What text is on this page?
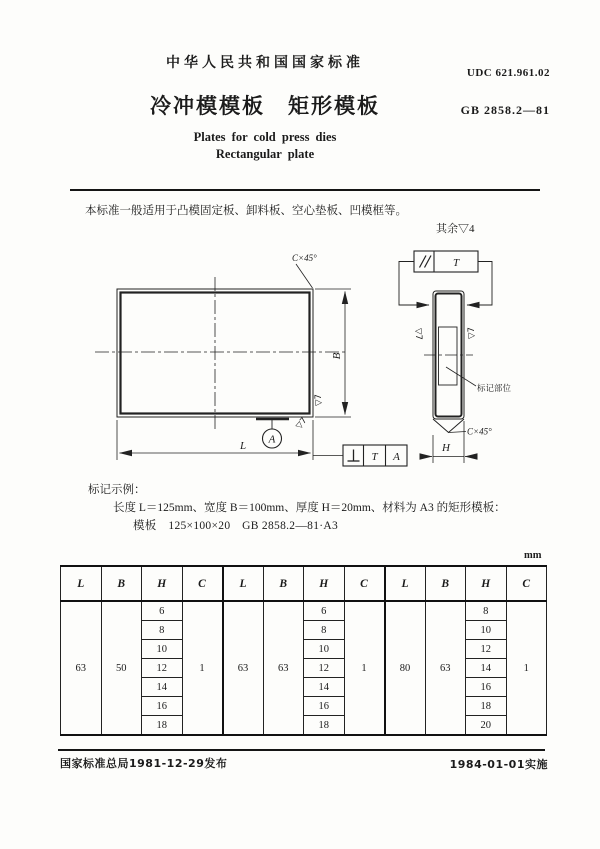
中华人民共和国国家标准
UDC 621.961.02
冷冲模模板　矩形模板	GB 2858.2—81
Plates for cold press dies
Rectangular plate
本标准一般适用于凸模固定板、卸料板、空心垫板、凹模框等。
其余▽4
C×45°
B
L
A
▽7
▽7
T A
标记部位
▽7	▽7
T
C×45°
H
标记示例：
长度 L＝125mm、宽度 B＝100mm、厚度 H＝20mm、材料为 A3 的矩形模板：
模板　125×100×20　GB 2858.2—81·A3
mm
L	B	H	C	L	B	H	C	L	B	H	C
63	50	6	1	63	63	6	1	80	63	8	1
		8				8				10	
		10				10				12	
		12				12				14	
		14				14				16	
		16				16				18	
		18				18				20	
国家标准总局1981-12-29发布	1984-01-01实施
